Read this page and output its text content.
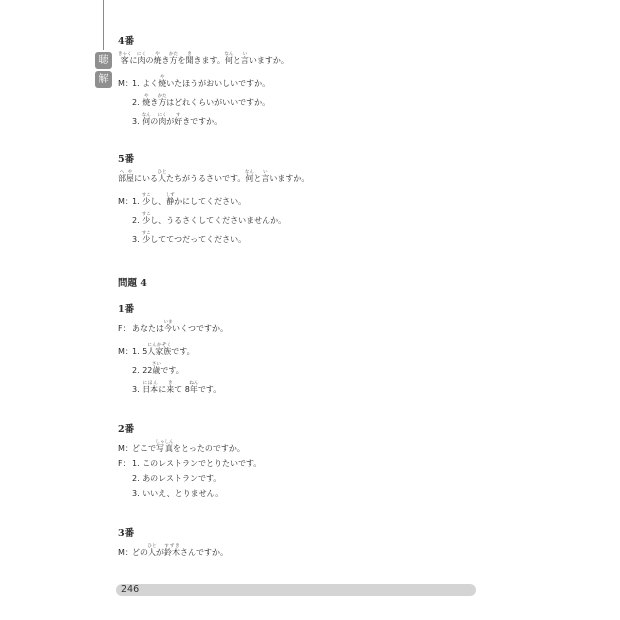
聴
解

4番

客きゃくに肉にくの焼やき方かたを聞ききます。何なんと言いいますか。

M：1. よく焼やいたほうがおいしいですか。

2. 焼やき方かたはどれくらいがいいですか。

3. 何なんの肉にくが好すきですか。

5番

部屋へやにいる人ひとたちがうるさいです。何なんと言いいますか。

M：1. 少すこし、静しずかにしてください。

2. 少すこし、うるさくしてくださいませんか。

3. 少すこしててつだってください。

問題 4

1番

F：あなたは今いまいくつですか。

M：1. 5人家族にんかぞくです。

2. 22歳さいです。

3. 日本にほんに来きて 8年ねんです。

2番

M：どこで写真しゃしんをとったのですか。

F：1. このレストランでとりたいです。

2. あのレストランです。

3. いいえ、とりません。

3番

M：どの人ひとが鈴木すずきさんですか。

246
